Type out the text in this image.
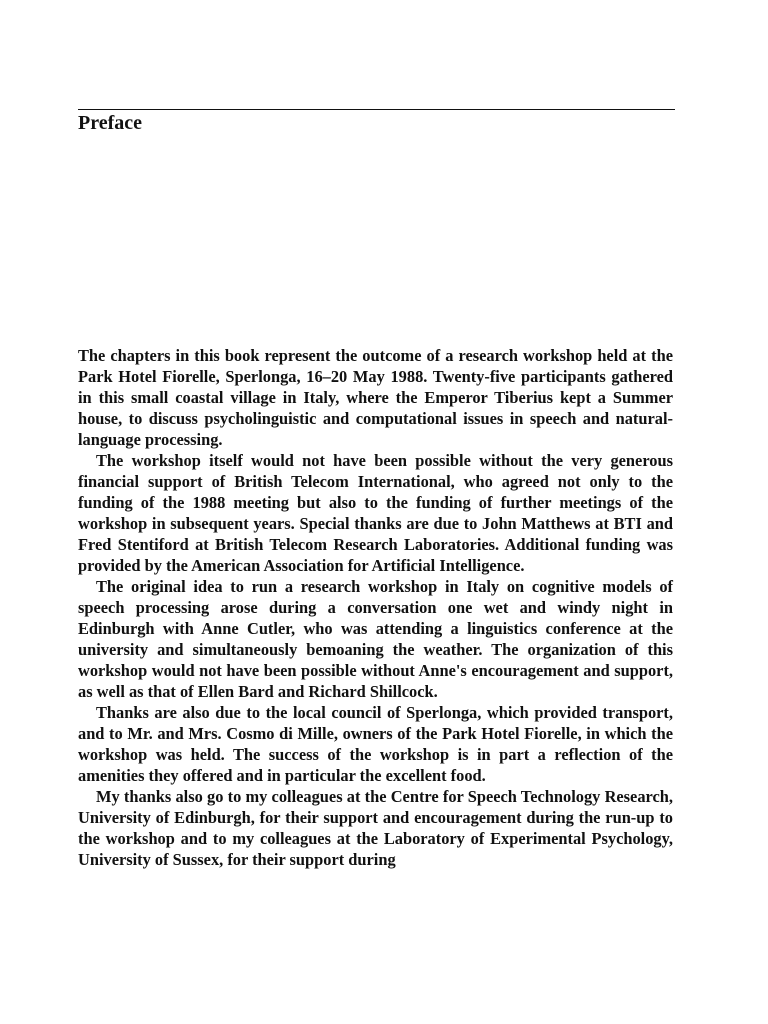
Preface

The chapters in this book represent the outcome of a research workshop held at the Park Hotel Fiorelle, Sperlonga, 16–20 May 1988. Twenty-five participants gathered in this small coastal village in Italy, where the Emperor Tiberius kept a Summer house, to discuss psycholinguistic and computational issues in speech and natural-language processing.

The workshop itself would not have been possible without the very generous financial support of British Telecom International, who agreed not only to the funding of the 1988 meeting but also to the funding of further meetings of the workshop in subsequent years. Special thanks are due to John Matthews at BTI and Fred Stentiford at British Telecom Research Laboratories. Additional funding was provided by the American Association for Artificial Intelligence.

The original idea to run a research workshop in Italy on cognitive models of speech processing arose during a conversation one wet and windy night in Edinburgh with Anne Cutler, who was attending a linguistics conference at the university and simultaneously bemoaning the weather. The organization of this workshop would not have been possible without Anne's encouragement and support, as well as that of Ellen Bard and Richard Shillcock.

Thanks are also due to the local council of Sperlonga, which provided transport, and to Mr. and Mrs. Cosmo di Mille, owners of the Park Hotel Fiorelle, in which the workshop was held. The success of the workshop is in part a reflection of the amenities they offered and in particular the excellent food.

My thanks also go to my colleagues at the Centre for Speech Technology Research, University of Edinburgh, for their support and encouragement during the run-up to the workshop and to my colleagues at the Laboratory of Experimental Psychology, University of Sussex, for their support during
